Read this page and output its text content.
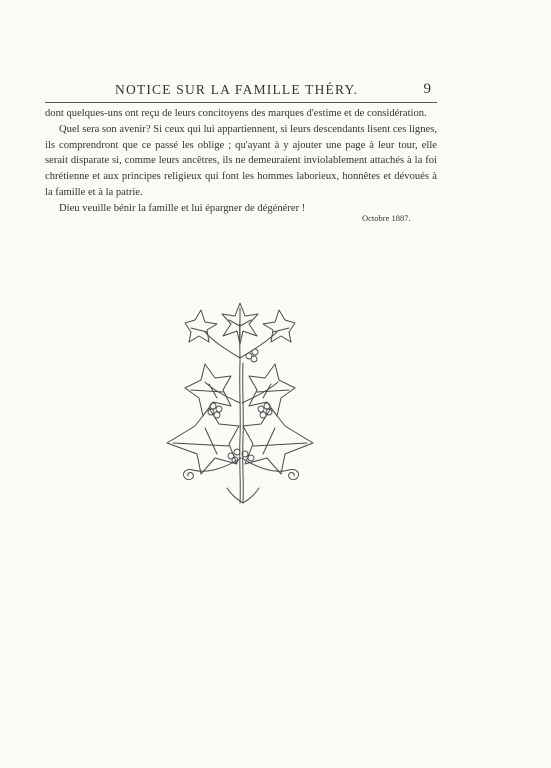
NOTICE SUR LA FAMILLE THÉRY.	9

dont quelques-uns ont reçu de leurs concitoyens des marques d'estime et de considération.

Quel sera son avenir? Si ceux qui lui appartiennent, si leurs descendants lisent ces lignes, ils comprendront que ce passé les oblige ; qu'ayant à y ajouter une page à leur tour, elle serait disparate si, comme leurs ancêtres, ils ne demeuraient inviolablement attachés à la foi chrétienne et aux principes religieux qui font les hommes laborieux, honnêtes et dévoués à la famille et à la patrie.

Dieu veuille bénir la famille et lui épargner de dégénérer !

Octobre 1887.
